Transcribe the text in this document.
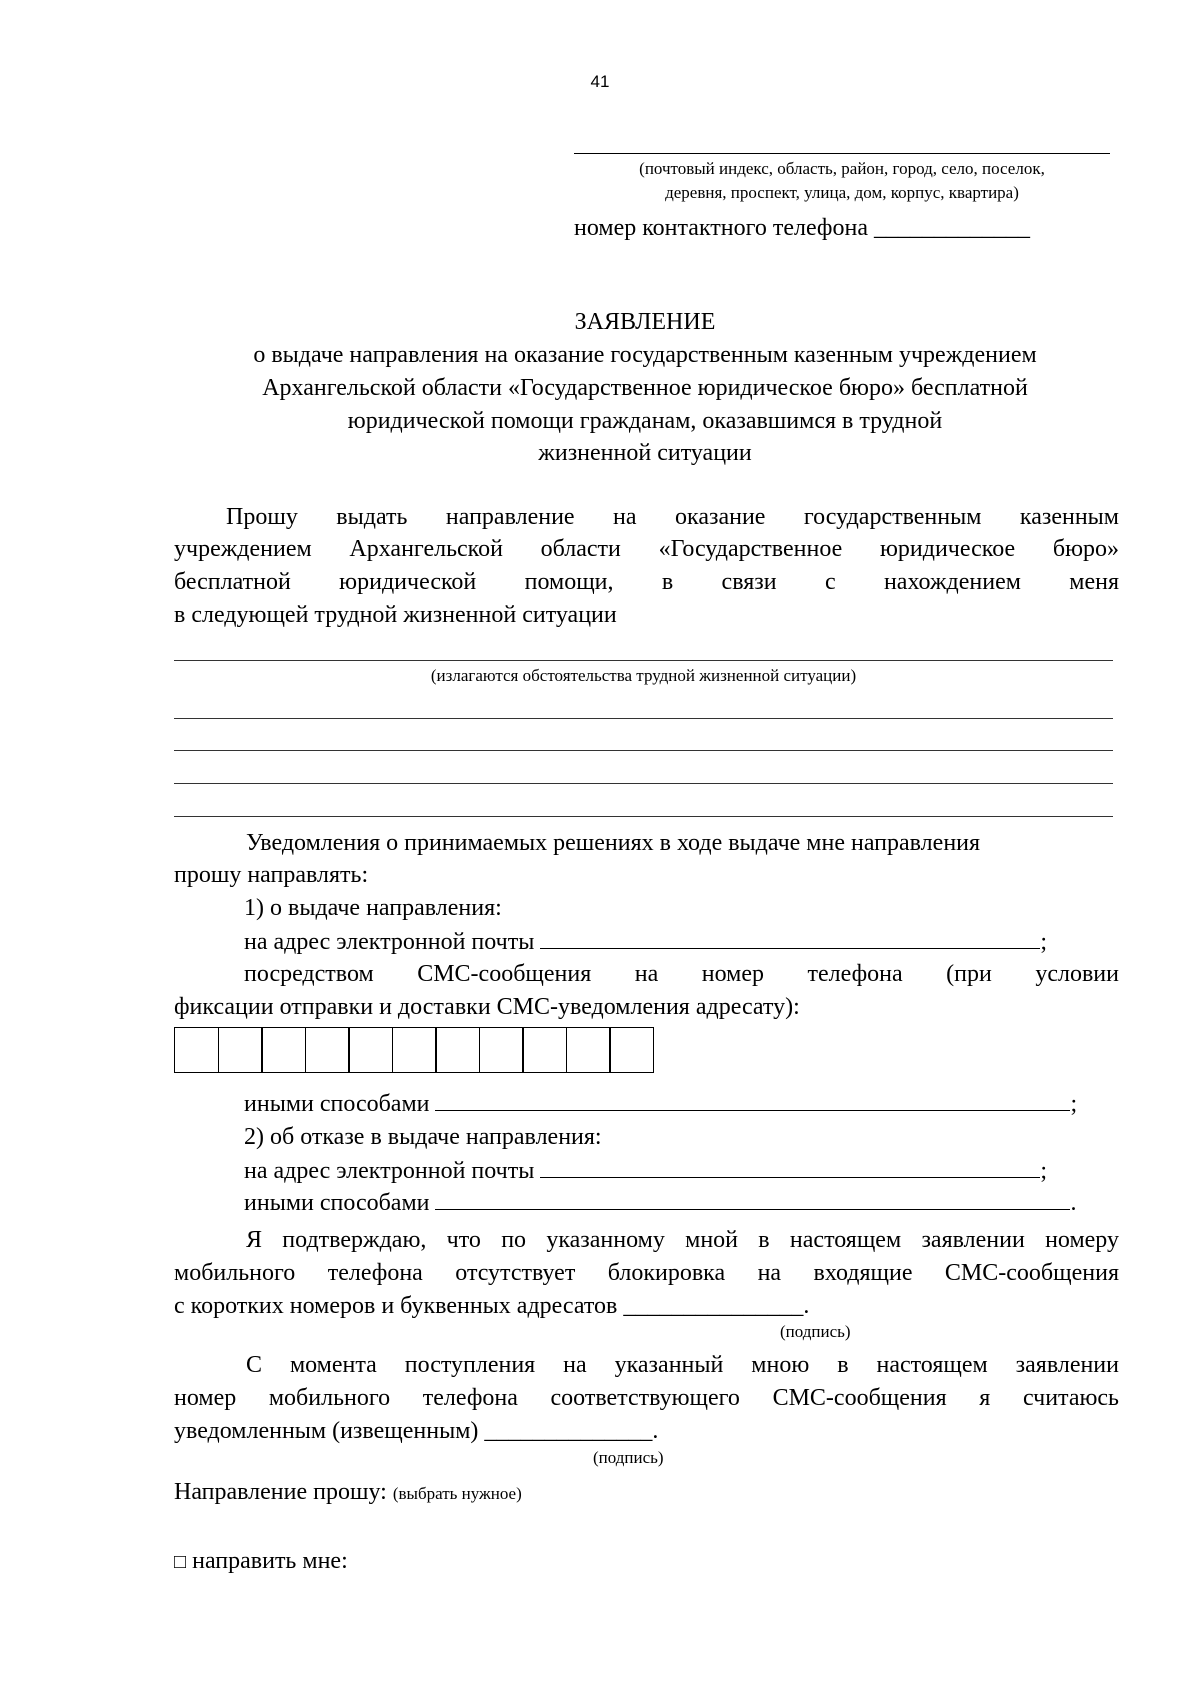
41
(почтовый индекс, область, район, город, село, поселок,
деревня, проспект, улица, дом, корпус, квартира)
номер контактного телефона _____________
ЗАЯВЛЕНИЕ
о выдаче направления на оказание государственным казенным учреждением
Архангельской области «Государственное юридическое бюро» бесплатной
юридической помощи гражданам, оказавшимся в трудной
жизненной ситуации
Прошу выдать направление на оказание государственным казенным
учреждением Архангельской области «Государственное юридическое бюро»
бесплатной юридической помощи, в связи с нахождением меня
в следующей трудной жизненной ситуации
(излагаются обстоятельства трудной жизненной ситуации)
Уведомления о принимаемых решениях в ходе выдаче мне направления
прошу направлять:
1) о выдаче направления:
на адрес электронной почты	;
посредством СМС-сообщения на номер телефона (при условии
фиксации отправки и доставки СМС-уведомления адресату):
иными способами	;
2) об отказе в выдаче направления:
на адрес электронной почты	;
иными способами	.
Я подтверждаю, что по указанному мной в настоящем заявлении номеру
мобильного телефона отсутствует блокировка на входящие СМС-сообщения
с коротких номеров и буквенных адресатов _______________.
(подпись)
С момента поступления на указанный мною в настоящем заявлении
номер мобильного телефона соответствующего СМС-сообщения я считаюсь
уведомленным (извещенным) ______________.
(подпись)
Направление прошу: (выбрать нужное)
□ направить мне:
